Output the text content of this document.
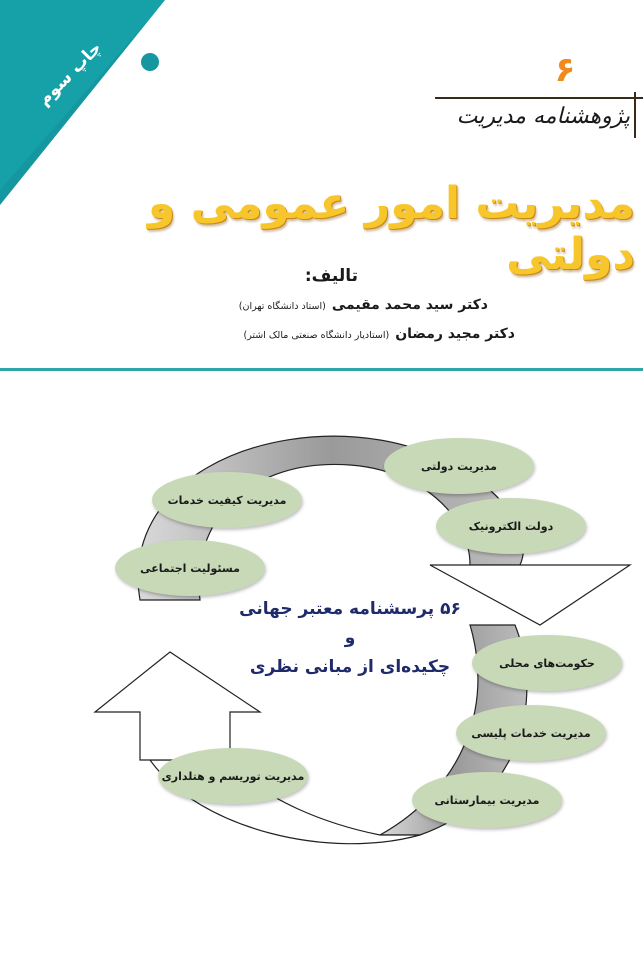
چاپ سوم	۶
پژوهشنامه مدیریت
مدیریت امور عمومی و دولتی
تالیف:
دکتر سید محمد مقیمی(استاد دانشگاه تهران)
دکتر مجید رمضان(استادیار دانشگاه صنعتی مالک اشتر)
۵۶ پرسشنامه معتبر جهانی
و
چکیده‌ای از مبانی نظری
مدیریت دولتی
دولت الکترونیک
حکومت‌های محلی
مدیریت خدمات پلیسی
مدیریت بیمارستانی
مدیریت توریسم و هتلداری
مسئولیت اجتماعی
مدیریت کیفیت خدمات
